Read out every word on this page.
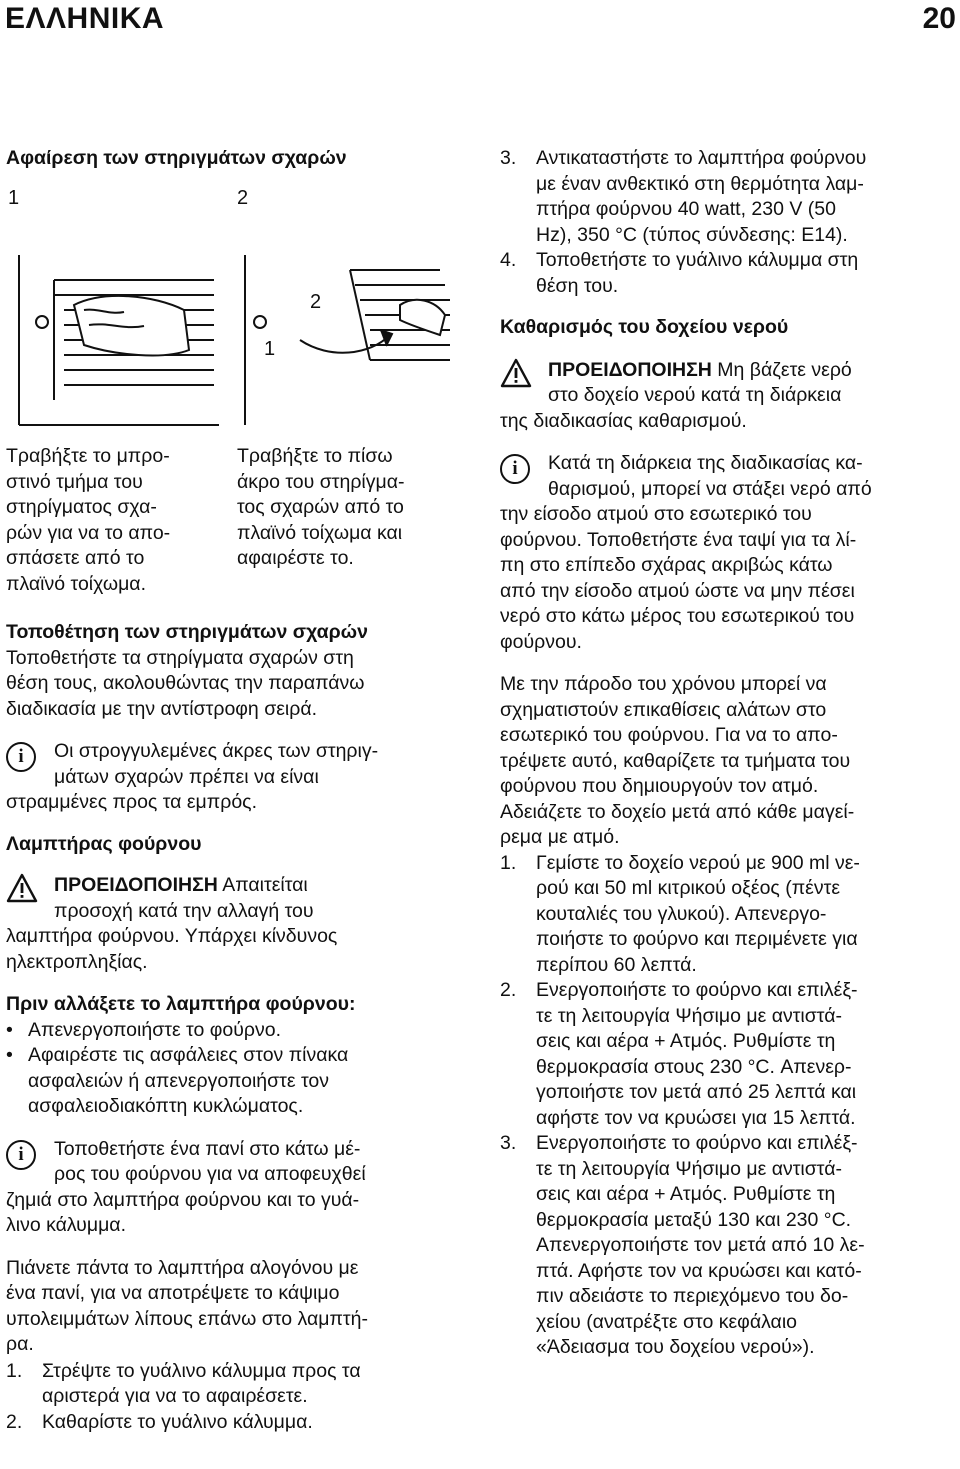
ΕΛΛΗΝΙΚΑ	20
Αφαίρεση των στηριγμάτων σχαρών
1	2
2
1
Τραβήξτε το μπρο-
στινό τμήμα του
στηρίγματος σχα-
ρών για να το απο-
σπάσετε από το
πλαϊνό τοίχωμα.
Τραβήξτε το πίσω
άκρο του στηρίγμα-
τος σχαρών από το
πλαϊνό τοίχωμα και
αφαιρέστε το.
Τοποθέτηση των στηριγμάτων σχαρών
Τοποθετήστε τα στηρίγματα σχαρών στη
θέση τους, ακολουθώντας την παραπάνω
διαδικασία με την αντίστροφη σειρά.
i	Οι στρογγυλεμένες άκρες των στηριγ-
μάτων σχαρών πρέπει να είναι
στραμμένες προς τα εμπρός.
Λαμπτήρας φούρνου
ΠΡΟΕΙΔΟΠΟΙΗΣΗ Απαιτείται
προσοχή κατά την αλλαγή του
λαμπτήρα φούρνου. Υπάρχει κίνδυνος
ηλεκτροπληξίας.
Πριν αλλάξετε το λαμπτήρα φούρνου:
• Απενεργοποιήστε το φούρνο.
• Αφαιρέστε τις ασφάλειες στον πίνακα
ασφαλειών ή απενεργοποιήστε τον
ασφαλειοδιακόπτη κυκλώματος.
i	Τοποθετήστε ένα πανί στο κάτω μέ-
ρος του φούρνου για να αποφευχθεί
ζημιά στο λαμπτήρα φούρνου και το γυά-
λινο κάλυμμα.
Πιάνετε πάντα το λαμπτήρα αλογόνου με
ένα πανί, για να αποτρέψετε το κάψιμο
υπολειμμάτων λίπους επάνω στο λαμπτή-
ρα.
1. Στρέψτε το γυάλινο κάλυμμα προς τα
αριστερά για να το αφαιρέσετε.
2. Καθαρίστε το γυάλινο κάλυμμα.
3. Αντικαταστήστε το λαμπτήρα φούρνου
με έναν ανθεκτικό στη θερμότητα λαμ-
πτήρα φούρνου 40 watt, 230 V (50
Hz), 350 °C (τύπος σύνδεσης: E14).
4. Τοποθετήστε το γυάλινο κάλυμμα στη
θέση του.
Καθαρισμός του δοχείου νερού
ΠΡΟΕΙΔΟΠΟΙΗΣΗ Μη βάζετε νερό
στο δοχείο νερού κατά τη διάρκεια
της διαδικασίας καθαρισμού.
i	Κατά τη διάρκεια της διαδικασίας κα-
θαρισμού, μπορεί να στάξει νερό από
την είσοδο ατμού στο εσωτερικό του
φούρνου. Τοποθετήστε ένα ταψί για τα λί-
πη στο επίπεδο σχάρας ακριβώς κάτω
από την είσοδο ατμού ώστε να μην πέσει
νερό στο κάτω μέρος του εσωτερικού του
φούρνου.
Με την πάροδο του χρόνου μπορεί να
σχηματιστούν επικαθίσεις αλάτων στο
εσωτερικό του φούρνου. Για να το απο-
τρέψετε αυτό, καθαρίζετε τα τμήματα του
φούρνου που δημιουργούν τον ατμό.
Αδειάζετε το δοχείο μετά από κάθε μαγεί-
ρεμα με ατμό.
1. Γεμίστε το δοχείο νερού με 900 ml νε-
ρού και 50 ml κιτρικού οξέος (πέντε
κουταλιές του γλυκού). Απενεργο-
ποιήστε το φούρνο και περιμένετε για
περίπου 60 λεπτά.
2. Ενεργοποιήστε το φούρνο και επιλέξ-
τε τη λειτουργία Ψήσιμο με αντιστά-
σεις και αέρα + Ατμός. Ρυθμίστε τη
θερμοκρασία στους 230 °C. Απενερ-
γοποιήστε τον μετά από 25 λεπτά και
αφήστε τον να κρυώσει για 15 λεπτά.
3. Ενεργοποιήστε το φούρνο και επιλέξ-
τε τη λειτουργία Ψήσιμο με αντιστά-
σεις και αέρα + Ατμός. Ρυθμίστε τη
θερμοκρασία μεταξύ 130 και 230 °C.
Απενεργοποιήστε τον μετά από 10 λε-
πτά. Αφήστε τον να κρυώσει και κατό-
πιν αδειάστε το περιεχόμενο του δο-
χείου (ανατρέξτε στο κεφάλαιο
«Άδειασμα του δοχείου νερού»).
